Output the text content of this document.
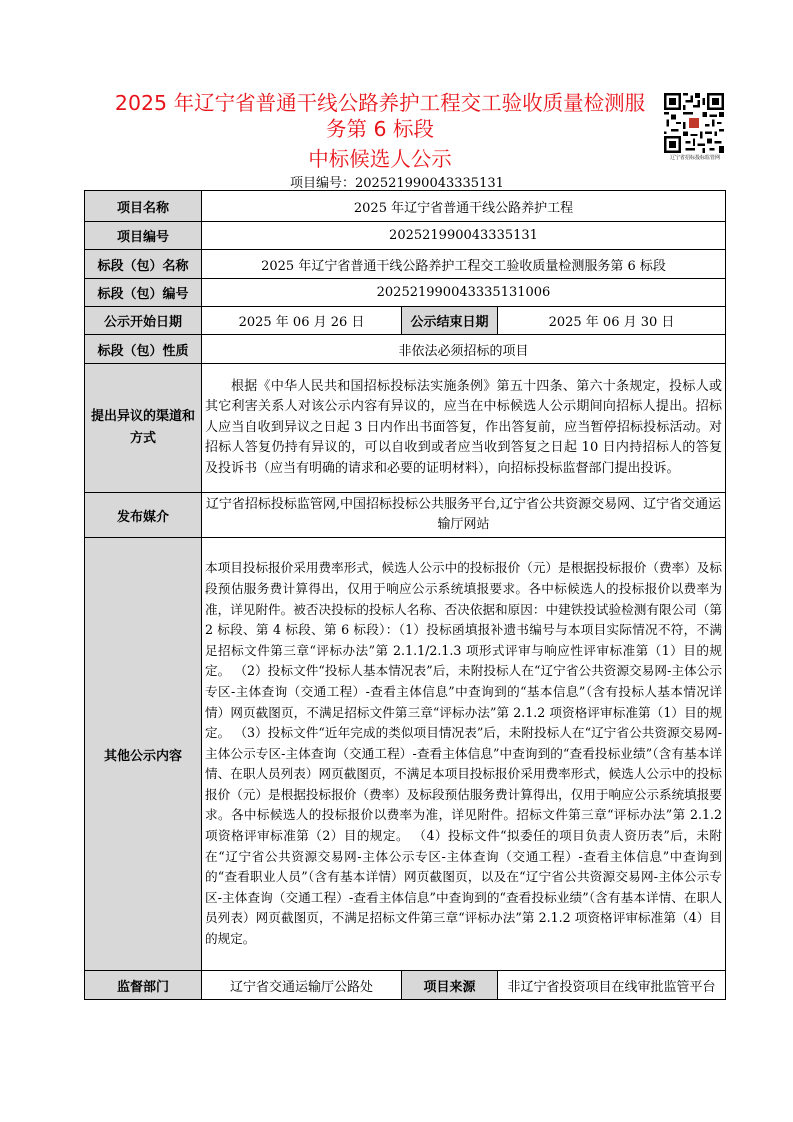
2025 年辽宁省普通干线公路养护工程交工验收质量检测服
务第 6 标段
中标候选人公示	辽宁省招标投标监管网
项目编号：20252199004333513​1
项目名称	2025 年辽宁省普通干线公路养护工程		
项目编号	202521990043335131		
标段（包）名称	2025 年辽宁省普通干线公路养护工程交工验收质量检测服务第 6 标段		
标段（包）编号	202521990043335131006		
公示开始日期	2025 年 06 月 26 日	公示结束日期	2025 年 06 月 30 日
标段（包）性质	非依法必须招标的项目		
提出异议的渠道和方式	根据《中华人民共和国招标投标法实施条例》第五十四条、第六十条规定，投标人或其它利害关系人对该公示内容有异议的，应当在中标候选人公示期间向招标人提出。招标人应当自收到异议之日起 3 日内作出书面答复，作出答复前，应当暂停招标投标活动。对招标人答复仍持有异议的，可以自收到或者应当收到答复之日起 10 日内持招标人的答复及投诉书（应当有明确的请求和必要的证明材料），向招标投标监督部门提出投诉。		
发布媒介	辽宁省招标投标监管网,中国招标投标公共服务平台,辽宁省公共资源交易网、辽宁省交通运输厅网站		
其他公示内容	本项目投标报价采用费率形式，候选人公示中的投标报价（元）是根据投标报价（费率）及标段预估服务费计算得出，仅用于响应公示系统填报要求。各中标候选人的投标报价以费率为准，详见附件。被否决投标的投标人名称、否决依据和原因：中建铁投试验检测有限公司（第 2 标段、第 4 标段、第 6 标段）：（1）投标函填报补遗书编号与本项目实际情况不符，不满足招标文件第三章“评标办法”第 2.1.1/2.1.3 项形式评审与响应性评审标准第（1）目的规定。 （2）投标文件“投标人基本情况表”后，未附投标人在“辽宁省公共资源交易网-主体公示专区-主体查询（交通工程）-查看主体信息”中查询到的“基本信息”（含有投标人基本情况详情）网页截图页，不满足招标文件第三章“评标办法”第 2.1.2 项资格评审标准第（1）目的规定。 （3）投标文件“近年完成的类似项目情况表”后，未附投标人在“辽宁省公共资源交易网-主体公示专区-主体查询（交通工程）-查看主体信息”中查询到的“查看投标业绩”（含有基本详情、在职人员列表）网页截图页，不满足本项目投标报价采用费率形式，候选人公示中的投标报价（元）是根据投标报价（费率）及标段预估服务费计算得出，仅用于响应公示系统填报要求。各中标候选人的投标报价以费率为准，详见附件。招标文件第三章“评标办法”第 2.1.2 项资格评审标准第（2）目的规定。 （4）投标文件“拟委任的项目负责人资历表”后，未附在“辽宁省公共资源交易网-主体公示专区-主体查询（交通工程）-查看主体信息”中查询到的“查看职业人员”（含有基本详情）网页截图页，以及在“辽宁省公共资源交易网-主体公示专区-主体查询（交通工程）-查看主体信息”中查询到的“查看投标业绩”（含有基本详情、在职人员列表）网页截图页，不满足招标文件第三章“评标办法”第 2.1.2 项资格评审标准第（4）目的规定。		
监督部门	辽宁省交通运输厅公路处	项目来源	非辽宁省投资项目在线审批监管平台
